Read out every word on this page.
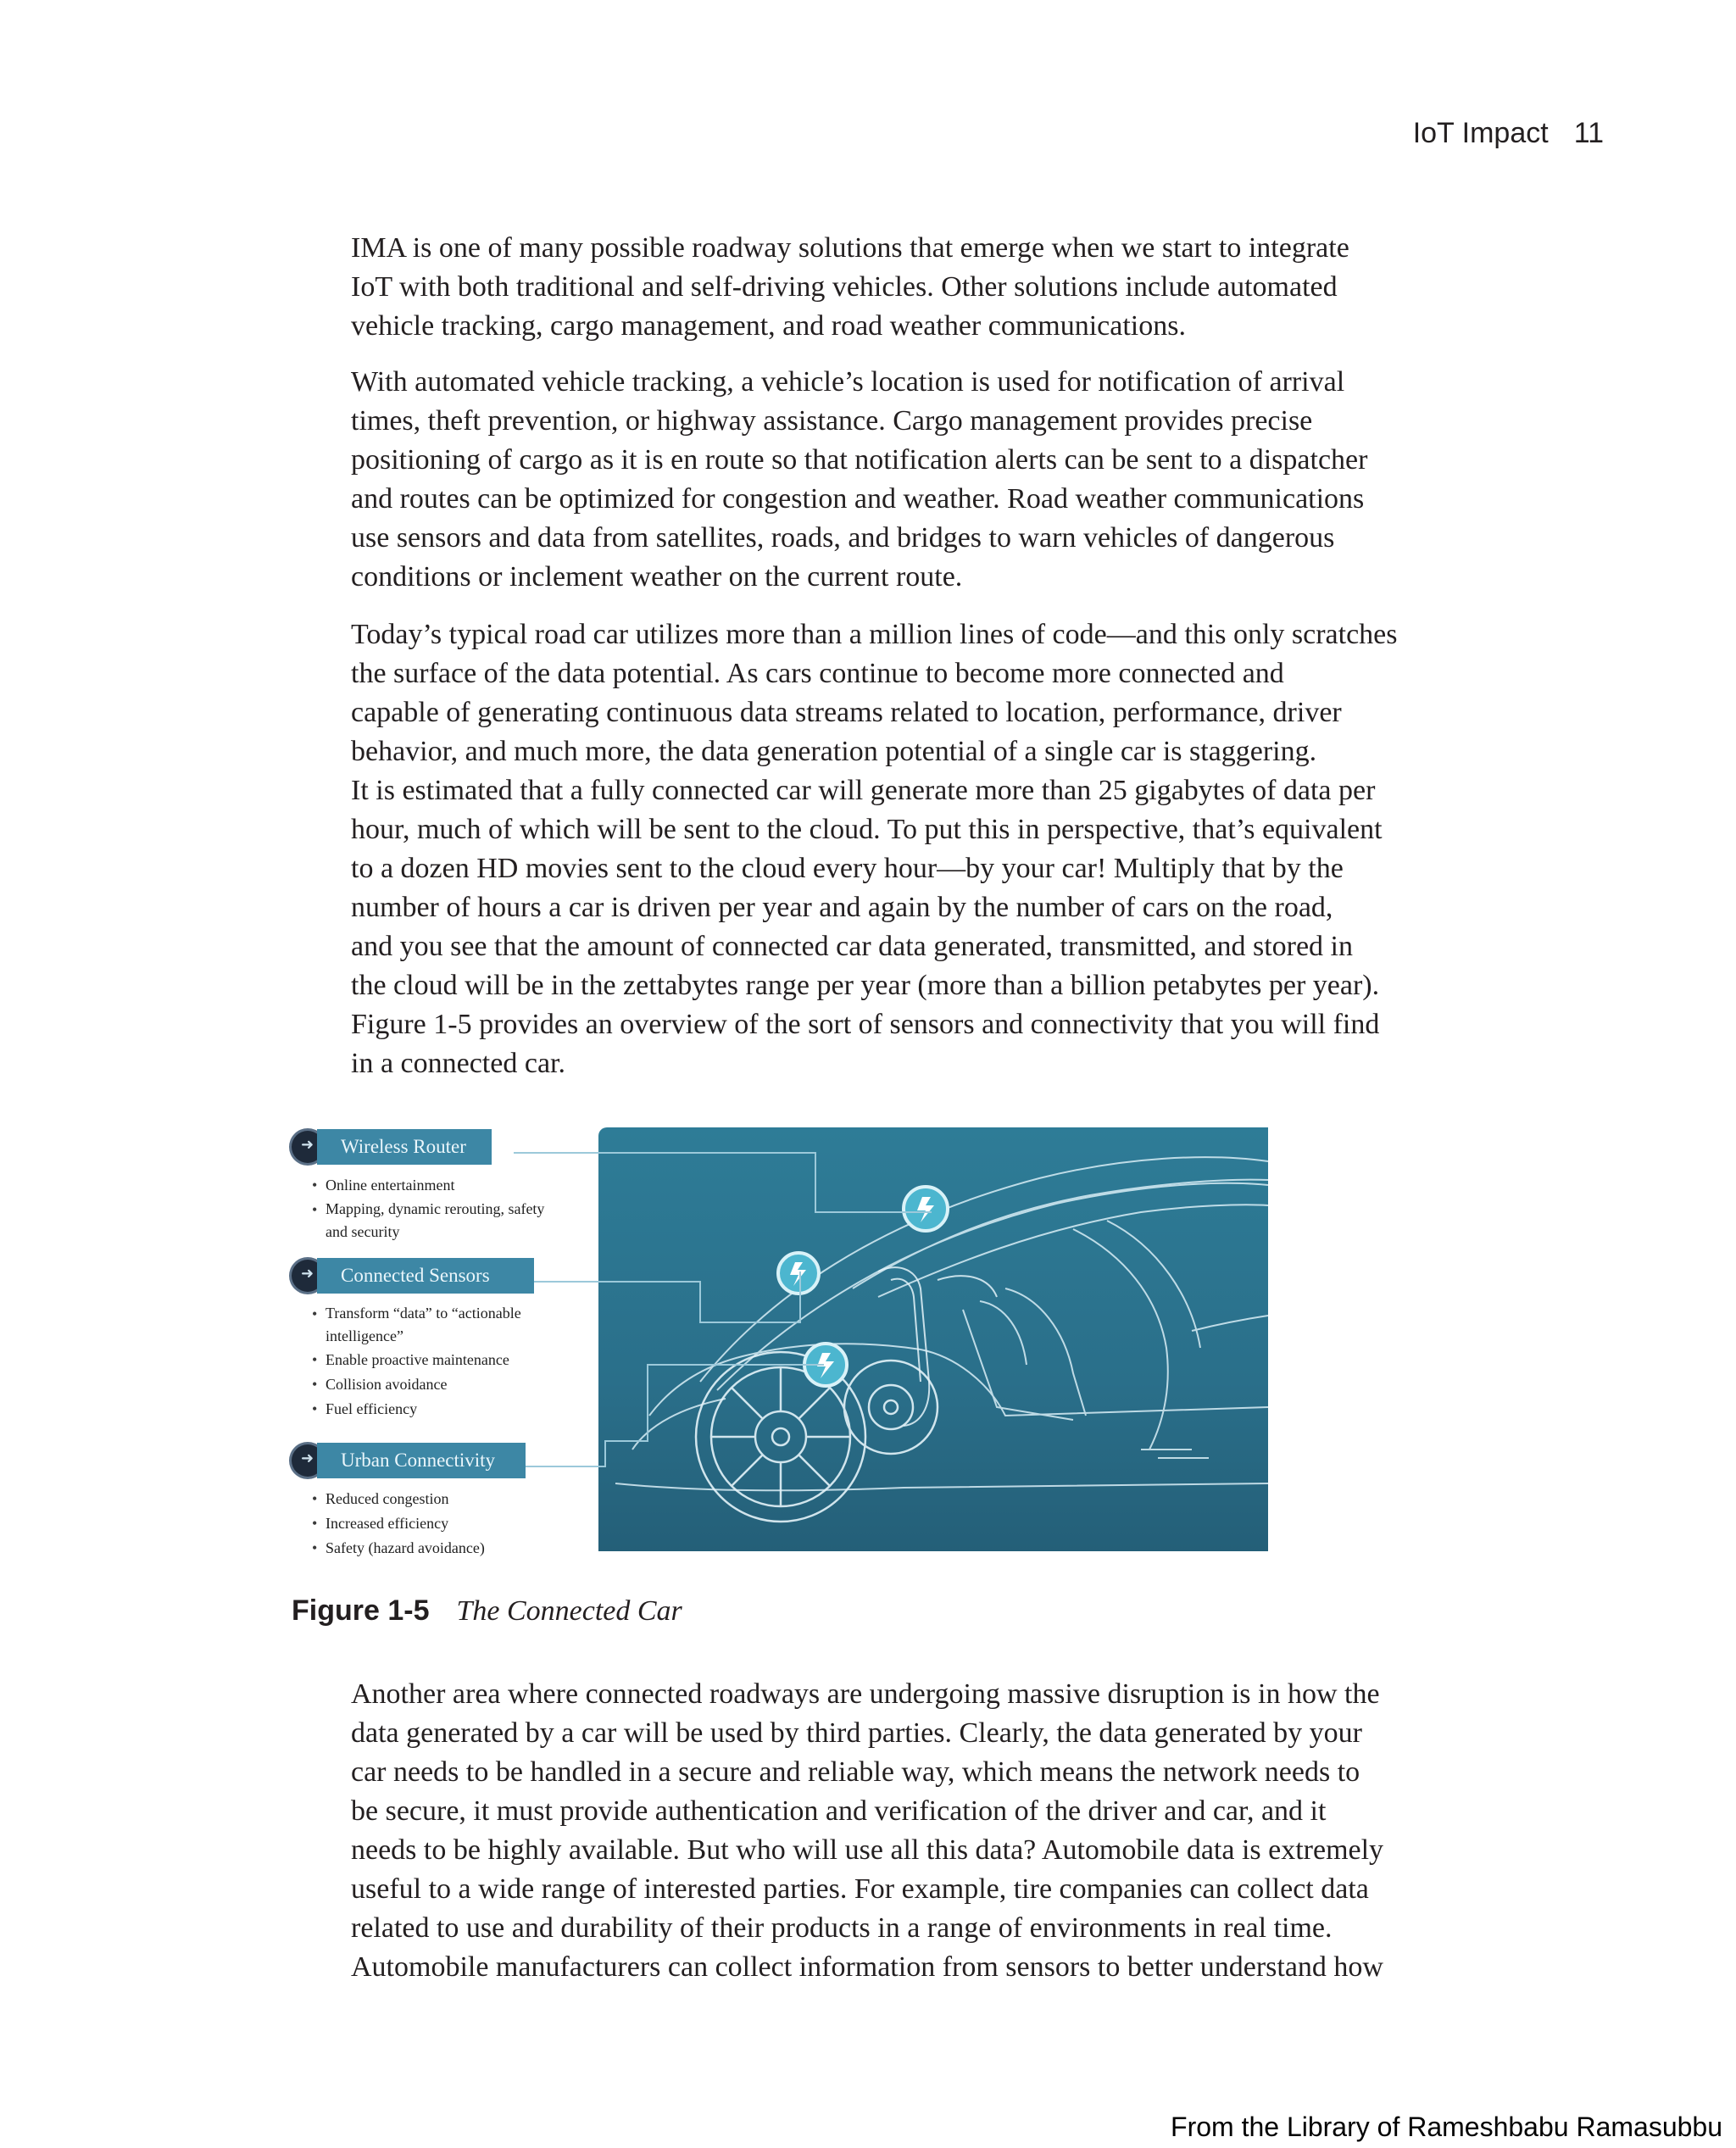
IoT Impact 11
IMA is one of many possible roadway solutions that emerge when we start to integrate
IoT with both traditional and self-driving vehicles. Other solutions include automated
vehicle tracking, cargo management, and road weather communications.
With automated vehicle tracking, a vehicle’s location is used for notification of arrival
times, theft prevention, or highway assistance. Cargo management provides precise
positioning of cargo as it is en route so that notification alerts can be sent to a dispatcher
and routes can be optimized for congestion and weather. Road weather communications
use sensors and data from satellites, roads, and bridges to warn vehicles of dangerous
conditions or inclement weather on the current route.
Today’s typical road car utilizes more than a million lines of code—and this only scratches
the surface of the data potential. As cars continue to become more connected and
capable of generating continuous data streams related to location, performance, driver
behavior, and much more, the data generation potential of a single car is staggering.
It is estimated that a fully connected car will generate more than 25 gigabytes of data per
hour, much of which will be sent to the cloud. To put this in perspective, that’s equivalent
to a dozen HD movies sent to the cloud every hour—by your car! Multiply that by the
number of hours a car is driven per year and again by the number of cars on the road,
and you see that the amount of connected car data generated, transmitted, and stored in
the cloud will be in the zettabytes range per year (more than a billion petabytes per year).
Figure 1-5 provides an overview of the sort of sensors and connectivity that you will find
in a connected car.
➜	Wireless Router
• Online entertainment
• Mapping, dynamic rerouting, safety
and security
➜	Connected Sensors
• Transform “data” to “actionable
intelligence”
• Enable proactive maintenance
• Collision avoidance
• Fuel efficiency
➜	Urban Connectivity
• Reduced congestion
• Increased efficiency
• Safety (hazard avoidance)
Figure 1-5 The Connected Car
Another area where connected roadways are undergoing massive disruption is in how the
data generated by a car will be used by third parties. Clearly, the data generated by your
car needs to be handled in a secure and reliable way, which means the network needs to
be secure, it must provide authentication and verification of the driver and car, and it
needs to be highly available. But who will use all this data? Automobile data is extremely
useful to a wide range of interested parties. For example, tire companies can collect data
related to use and durability of their products in a range of environments in real time.
Automobile manufacturers can collect information from sensors to better understand how
From the Library of Rameshbabu Ramasubbu
